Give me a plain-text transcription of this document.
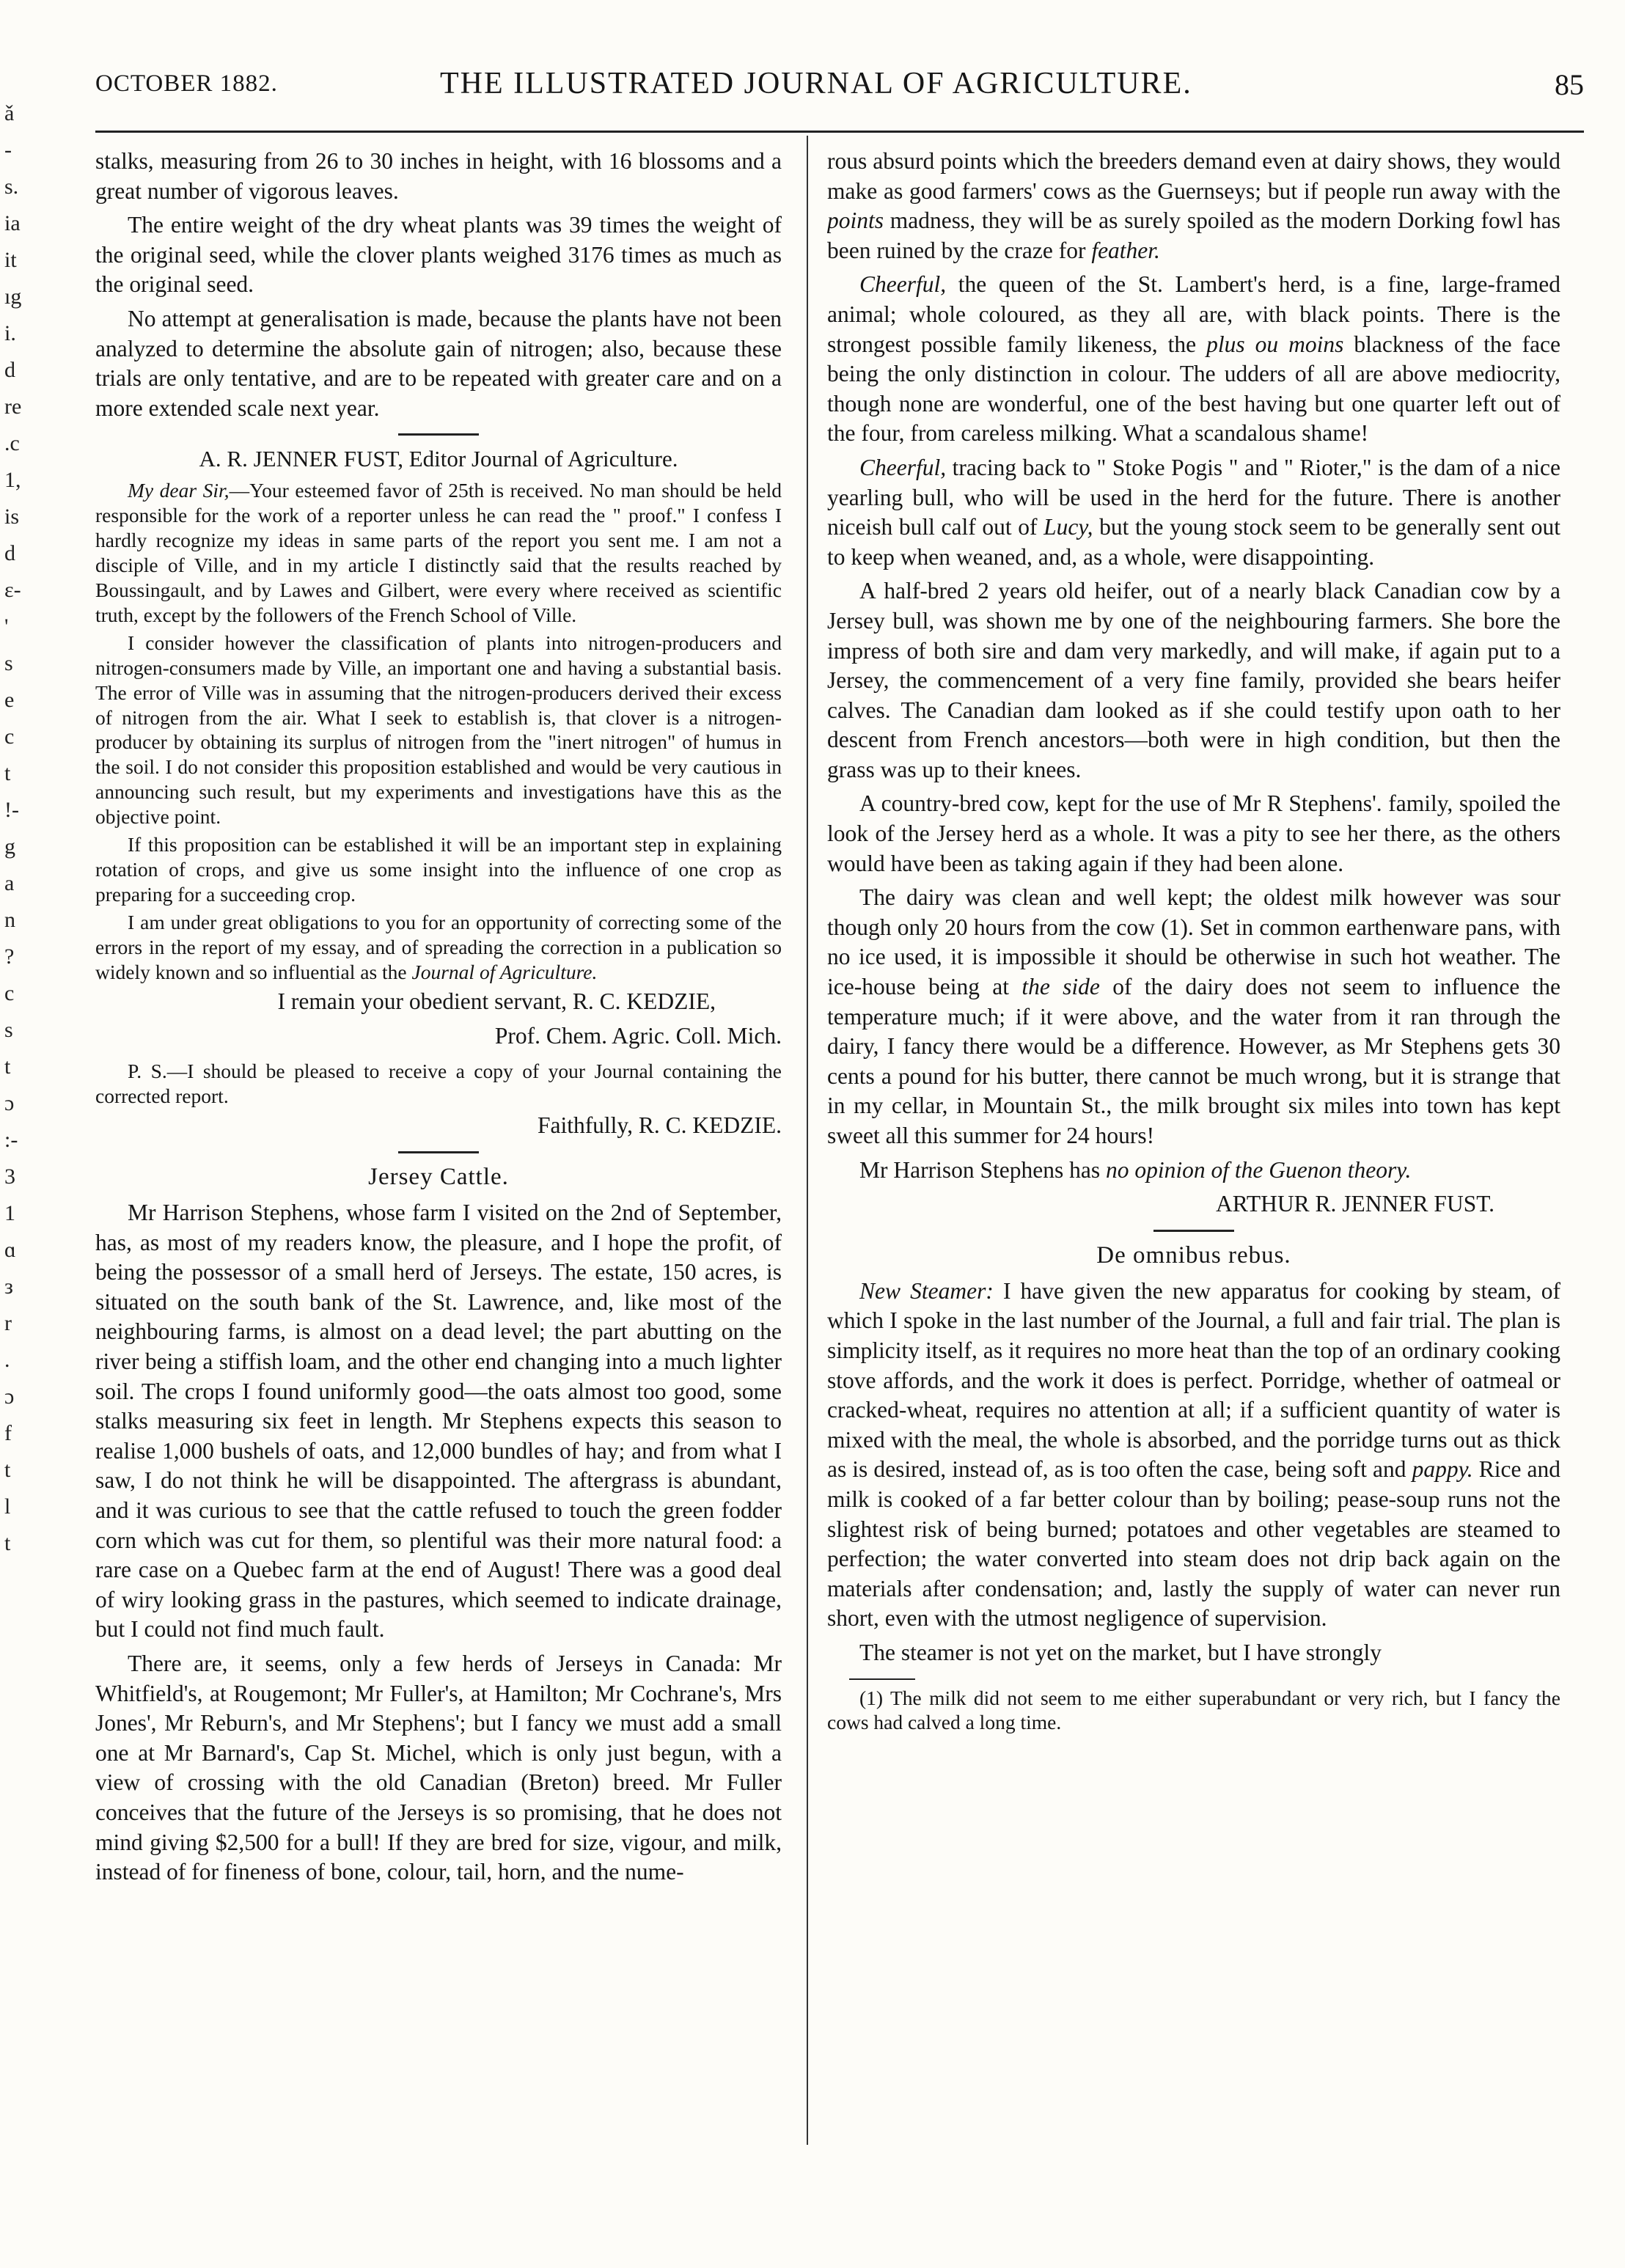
ǎ
-
s.
ia
it
ıg
i.
d
re
.c
1,
is
d
ɛ-
'
s
e
c
t
!-
g
a
n
?
c
s
t
ɔ
:-
3
1
ɑ
з
r
.
ɔ
f
t
l
t
OCTOBER 1882.	THE ILLUSTRATED JOURNAL OF AGRICULTURE.	85

stalks, measuring from 26 to 30 inches in height, with 16 blossoms and a great number of vigorous leaves.

The entire weight of the dry wheat plants was 39 times the weight of the original seed, while the clover plants weighed 3176 times as much as the original seed.

No attempt at generalisation is made, because the plants have not been analyzed to determine the absolute gain of nitrogen; also, because these trials are only tentative, and are to be repeated with greater care and on a more extended scale next year.

A. R. JENNER FUST, Editor Journal of Agriculture.

My dear Sir,—Your esteemed favor of 25th is received. No man should be held responsible for the work of a reporter unless he can read the " proof." I confess I hardly recognize my ideas in same parts of the report you sent me. I am not a disciple of Ville, and in my article I distinctly said that the results reached by Boussingault, and by Lawes and Gilbert, were every where received as scientific truth, except by the followers of the French School of Ville.

I consider however the classification of plants into nitrogen-producers and nitrogen-consumers made by Ville, an important one and having a substantial basis. The error of Ville was in assuming that the nitrogen-producers derived their excess of nitrogen from the air. What I seek to establish is, that clover is a nitrogen-producer by obtaining its surplus of nitrogen from the "inert nitrogen" of humus in the soil. I do not consider this proposition established and would be very cautious in announcing such result, but my experiments and investigations have this as the objective point.

If this proposition can be established it will be an important step in explaining rotation of crops, and give us some insight into the influence of one crop as preparing for a succeeding crop.

I am under great obligations to you for an opportunity of correcting some of the errors in the report of my essay, and of spreading the correction in a publication so widely known and so influential as the Journal of Agriculture.

I remain your obedient servant, R. C. KEDZIE,

Prof. Chem. Agric. Coll. Mich.

P. S.—I should be pleased to receive a copy of your Journal containing the corrected report.

Faithfully, R. C. KEDZIE.

Jersey Cattle.

Mr Harrison Stephens, whose farm I visited on the 2nd of September, has, as most of my readers know, the pleasure, and I hope the profit, of being the possessor of a small herd of Jerseys. The estate, 150 acres, is situated on the south bank of the St. Lawrence, and, like most of the neighbouring farms, is almost on a dead level; the part abutting on the river being a stiffish loam, and the other end changing into a much lighter soil. The crops I found uniformly good—the oats almost too good, some stalks measuring six feet in length. Mr Stephens expects this season to realise 1,000 bushels of oats, and 12,000 bundles of hay; and from what I saw, I do not think he will be disappointed. The aftergrass is abundant, and it was curious to see that the cattle refused to touch the green fodder corn which was cut for them, so plentiful was their more natural food: a rare case on a Quebec farm at the end of August! There was a good deal of wiry looking grass in the pastures, which seemed to indicate drainage, but I could not find much fault.

There are, it seems, only a few herds of Jerseys in Canada: Mr Whitfield's, at Rougemont; Mr Fuller's, at Hamilton; Mr Cochrane's, Mrs Jones', Mr Reburn's, and Mr Stephens'; but I fancy we must add a small one at Mr Barnard's, Cap St. Michel, which is only just begun, with a view of crossing with the old Canadian (Breton) breed. Mr Fuller conceives that the future of the Jerseys is so promising, that he does not mind giving $2,500 for a bull! If they are bred for size, vigour, and milk, instead of for fineness of bone, colour, tail, horn, and the nume-

rous absurd points which the breeders demand even at dairy shows, they would make as good farmers' cows as the Guernseys; but if people run away with the points madness, they will be as surely spoiled as the modern Dorking fowl has been ruined by the craze for feather.

Cheerful, the queen of the St. Lambert's herd, is a fine, large-framed animal; whole coloured, as they all are, with black points. There is the strongest possible family likeness, the plus ou moins blackness of the face being the only distinction in colour. The udders of all are above mediocrity, though none are wonderful, one of the best having but one quarter left out of the four, from careless milking. What a scandalous shame!

Cheerful, tracing back to " Stoke Pogis " and " Rioter," is the dam of a nice yearling bull, who will be used in the herd for the future. There is another niceish bull calf out of Lucy, but the young stock seem to be generally sent out to keep when weaned, and, as a whole, were disappointing.

A half-bred 2 years old heifer, out of a nearly black Canadian cow by a Jersey bull, was shown me by one of the neighbouring farmers. She bore the impress of both sire and dam very markedly, and will make, if again put to a Jersey, the commencement of a very fine family, provided she bears heifer calves. The Canadian dam looked as if she could testify upon oath to her descent from French ancestors—both were in high condition, but then the grass was up to their knees.

A country-bred cow, kept for the use of Mr R Stephens'. family, spoiled the look of the Jersey herd as a whole. It was a pity to see her there, as the others would have been as taking again if they had been alone.

The dairy was clean and well kept; the oldest milk however was sour though only 20 hours from the cow (1). Set in common earthenware pans, with no ice used, it is impossible it should be otherwise in such hot weather. The ice-house being at the side of the dairy does not seem to influence the temperature much; if it were above, and the water from it ran through the dairy, I fancy there would be a difference. However, as Mr Stephens gets 30 cents a pound for his butter, there cannot be much wrong, but it is strange that in my cellar, in Mountain St., the milk brought six miles into town has kept sweet all this summer for 24 hours!

Mr Harrison Stephens has no opinion of the Guenon theory.

ARTHUR R. JENNER FUST.

De omnibus rebus.

New Steamer: I have given the new apparatus for cooking by steam, of which I spoke in the last number of the Journal, a full and fair trial. The plan is simplicity itself, as it requires no more heat than the top of an ordinary cooking stove affords, and the work it does is perfect. Porridge, whether of oatmeal or cracked-wheat, requires no attention at all; if a sufficient quantity of water is mixed with the meal, the whole is absorbed, and the porridge turns out as thick as is desired, instead of, as is too often the case, being soft and pappy. Rice and milk is cooked of a far better colour than by boiling; pease-soup runs not the slightest risk of being burned; potatoes and other vegetables are steamed to perfection; the water converted into steam does not drip back again on the materials after condensation; and, lastly the supply of water can never run short, even with the utmost negligence of supervision.

The steamer is not yet on the market, but I have strongly

(1) The milk did not seem to me either superabundant or very rich, but I fancy the cows had calved a long time.
